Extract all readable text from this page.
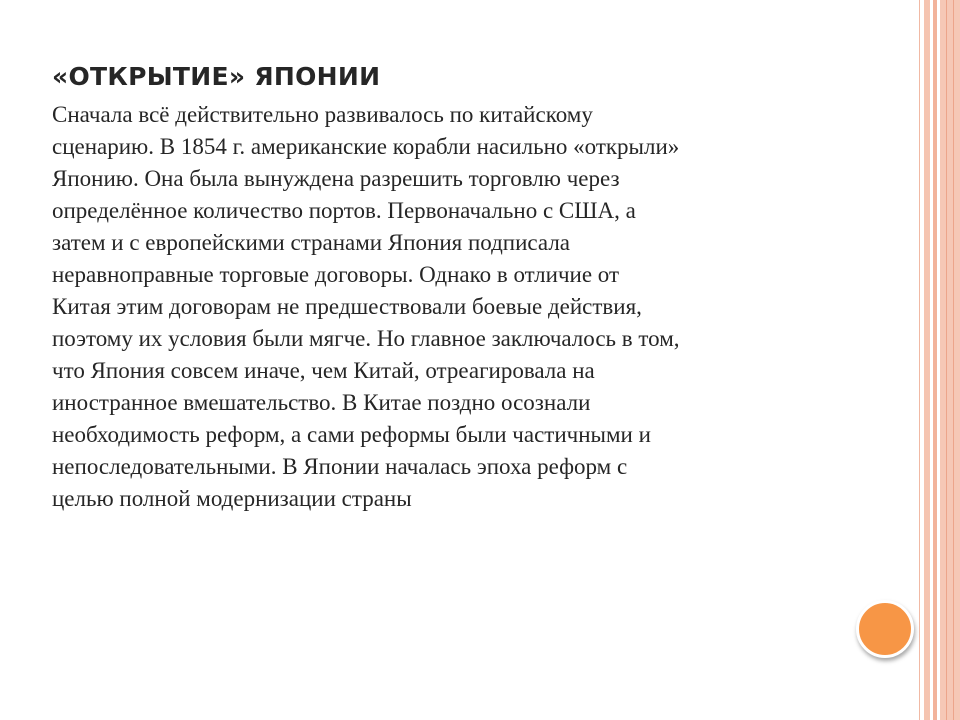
«ОТКРЫТИЕ» ЯПОНИИ

Сначала всё действительно развивалось по китайскому
сценарию. В 1854 г. американские корабли насильно «открыли»
Японию. Она была вынуждена разрешить торговлю через
определённое количество портов. Первоначально с США, а
затем и с европейскими странами Япония подписала
неравноправные торговые договоры. Однако в отличие от
Китая этим договорам не предшествовали боевые действия,
поэтому их условия были мягче. Но главное заключалось в том,
что Япония совсем иначе, чем Китай, отреагировала на
иностранное вмешательство. В Китае поздно осознали
необходимость реформ, а сами реформы были частичными и
непоследовательными. В Японии началась эпоха реформ с
целью полной модернизации страны
